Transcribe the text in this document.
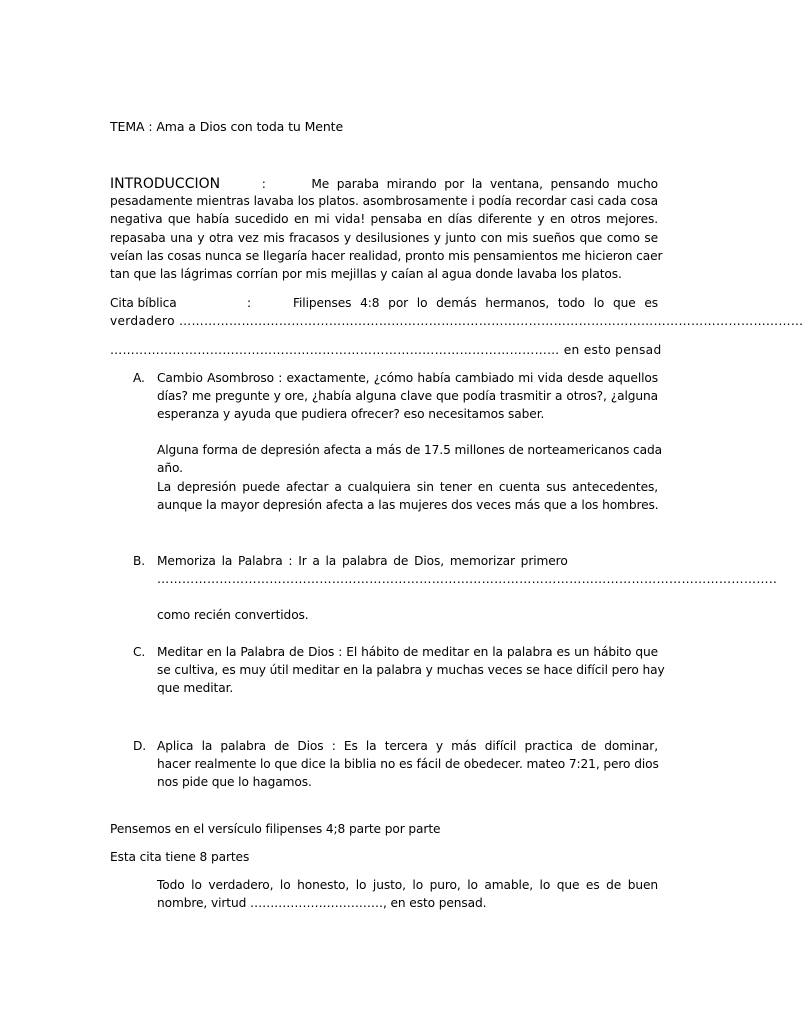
TEMA : Ama a Dios con toda tu Mente
INTRODUCCION	:	Me paraba mirando por la ventana, pensando mucho
pesadamente mientras lavaba los platos. asombrosamente i podía recordar casi cada cosa
negativa que había sucedido en mi vida! pensaba en días diferente y en otros mejores.
repasaba una y otra vez mis fracasos y desilusiones y junto con mis sueños que como se
veían las cosas nunca se llegaría hacer realidad, pronto mis pensamientos me hicieron caer
tan que las lágrimas corrían por mis mejillas y caían al agua donde lavaba los platos.
Cita bíblica	:	Filipenses 4:8 por lo demás hermanos, todo lo que es
verdadero ……………………………………………………………………………………………………………………………………
……………………………………………………………………………………………… en esto pensad
A. Cambio Asombroso : exactamente, ¿cómo había cambiado mi vida desde aquellos
días? me pregunte y ore, ¿había alguna clave que podía trasmitir a otros?, ¿alguna
esperanza y ayuda que pudiera ofrecer? eso necesitamos saber.
Alguna forma de depresión afecta a más de 17.5 millones de norteamericanos cada
año.
La depresión puede afectar a cualquiera sin tener en cuenta sus antecedentes,
aunque la mayor depresión afecta a las mujeres dos veces más que a los hombres.
B. Memoriza la Palabra : Ir a la palabra de Dios, memorizar primero
…………………………………………………………………………………………………………………………………..
como recién convertidos.
C. Meditar en la Palabra de Dios : El hábito de meditar en la palabra es un hábito que
se cultiva, es muy útil meditar en la palabra y muchas veces se hace difícil pero hay
que meditar.
D. Aplica la palabra de Dios : Es la tercera y más difícil practica de dominar,
hacer realmente lo que dice la biblia no es fácil de obedecer. mateo 7:21, pero dios
nos pide que lo hagamos.
Pensemos en el versículo filipenses 4;8 parte por parte
Esta cita tiene 8 partes
Todo lo verdadero, lo honesto, lo justo, lo puro, lo amable, lo que es de buen
nombre, virtud ……………………………, en esto pensad.
